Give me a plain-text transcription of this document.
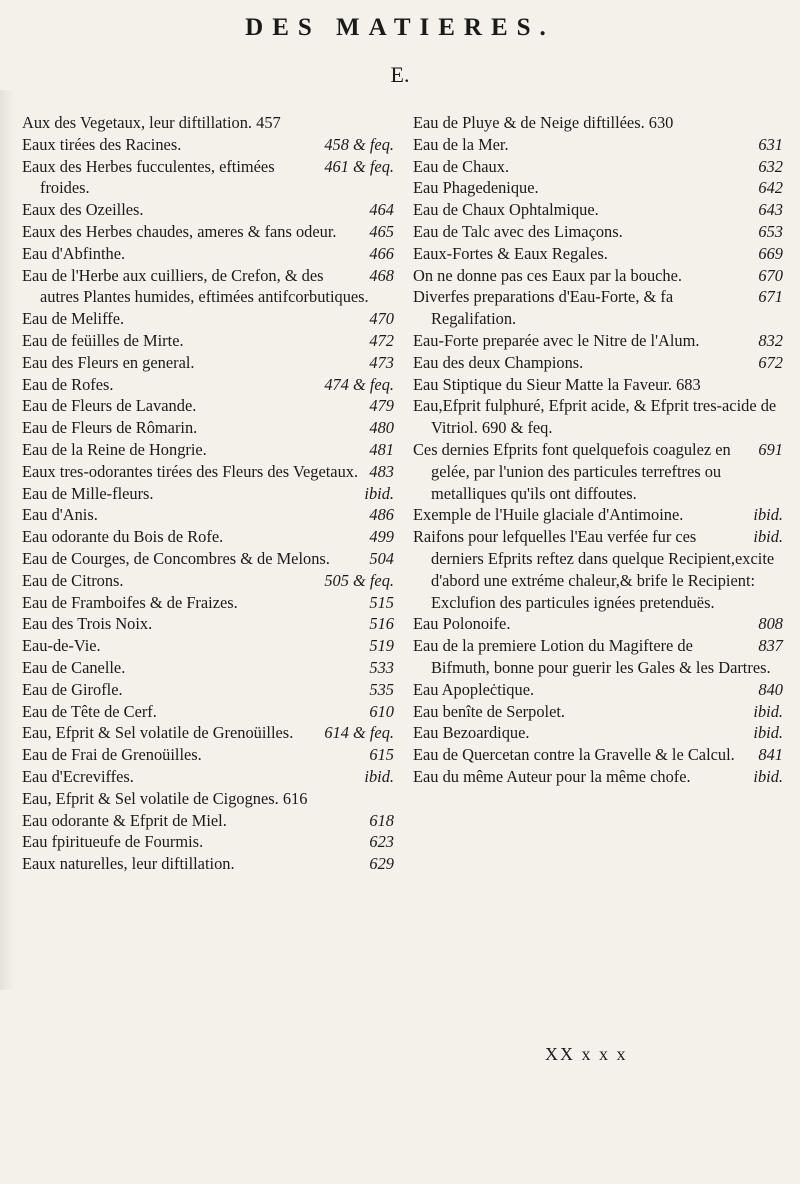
DES MATIERES.
E.
Aux des Vegetaux, leur diftillation. 457
458 & feq.
Eaux tirées des Racines.
461 & feq.
Eaux des Herbes fucculentes, eftimées froides.
464
Eaux des Ozeilles.
465
Eaux des Herbes chaudes, ameres & fans odeur.
466
Eau d'Abfinthe.
468
Eau de l'Herbe aux cuilliers, de Crefon, & des autres Plantes humides, eftimées antifcorbutiques.
470
Eau de Meliffe.
472
Eau de feüilles de Mirte.
473
Eau des Fleurs en general.
474 & feq.
Eau de Rofes.
479
Eau de Fleurs de Lavande.
480
Eau de Fleurs de Rômarin.
481
Eau de la Reine de Hongrie.
483
Eaux tres-odorantes tirées des Fleurs des Vegetaux.
ibid.
Eau de Mille-fleurs.
486
Eau d'Anis.
499
Eau odorante du Bois de Rofe.
504
Eau de Courges, de Concombres & de Melons.
505 & feq.
Eau de Citrons.
515
Eau de Framboifes & de Fraizes.
516
Eau des Trois Noix.
519
Eau-de-Vie.
533
Eau de Canelle.
535
Eau de Girofle.
610
Eau de Tête de Cerf.
614 & feq.
Eau, Efprit & Sel volatile de Grenoüilles.
615
Eau de Frai de Grenoüilles.
ibid.
Eau d'Ecreviffes.
Eau, Efprit & Sel volatile de Cigognes. 616
618
Eau odorante & Efprit de Miel.
623
Eau fpiritueufe de Fourmis.
629
Eaux naturelles, leur diftillation.
Eau de Pluye & de Neige diftillées. 630
631
Eau de la Mer.
632
Eau de Chaux.
642
Eau Phagedenique.
643
Eau de Chaux Ophtalmique.
653
Eau de Talc avec des Limaçons.
669
Eaux-Fortes & Eaux Regales.
670
On ne donne pas ces Eaux par la bouche.
671
Diverfes preparations d'Eau-Forte, & fa Regalifation.
832
Eau-Forte preparée avec le Nitre de l'Alum.
672
Eau des deux Champions.
Eau Stiptique du Sieur Matte la Faveur. 683
Eau,Efprit fulphuré, Efprit acide, & Efprit tres-acide de Vitriol. 690 & feq.
691
Ces dernies Efprits font quelquefois coagulez en gelée, par l'union des particules terreftres ou metalliques qu'ils ont diffoutes.
ibid.
Exemple de l'Huile glaciale d'Antimoine.
ibid.
Raifons pour lefquelles l'Eau verfée fur ces derniers Efprits reftez dans quelque Recipient,excite d'abord une extréme chaleur,& brife le Recipient: Exclufion des particules ignées pretenduës.
808
Eau Polonoife.
837
Eau de la premiere Lotion du Magiftere de Bifmuth, bonne pour guerir les Gales & les Dartres.
840
Eau Apopleċtique.
ibid.
Eau benîte de Serpolet.
ibid.
Eau Bezoardique.
841
Eau de Quercetan contre la Gravelle & le Calcul.
ibid.
Eau du même Auteur pour la même chofe.
XX x x x
